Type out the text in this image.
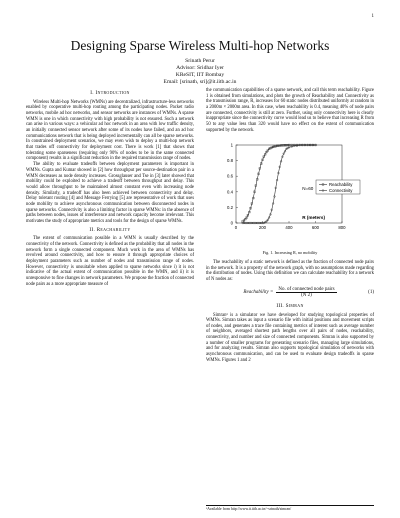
1
Designing Sparse Wireless Multi-hop Networks
Srinath Perur
Advisor: Sridhar Iyer
KReSIT, IIT Bombay
Email: [srinath, sri]@it.iitb.ac.in
I. Introduction

Wireless Multi-hop Networks (WMNs) are decentralized, infrastructure-less networks enabled by cooperative multi-hop routing among the participating nodes. Packet radio networks, mobile ad hoc networks, and sensor networks are instances of WMNs. A sparse WMN is one in which connectivity with high probability is not ensured. Such a network can arise in various ways: a vehicular ad hoc network in an area with low traffic density, an initially connected sensor network after some of its nodes have failed, and an ad hoc communications network that is being deployed incrementally can all be sparse networks. In constrained deployment scenarios, we may even wish to deploy a multi-hop network that trades off connectivity for deployment cost. There is work [1] that shows that tolerating some sparseness (requiring only 90% of nodes to be in the same connected component) results in a significant reduction in the required transmission range of nodes.

The ability to evaluate tradeoffs between deployment parameters is important in WMNs. Gupta and Kumar showed in [2] how throughput per source-destination pair in a WMN decreases as node density increases. Grossglauser and Tse in [3] later showed that mobility could be exploited to achieve a tradeoff between throughput and delay. This would allow throughput to be maintained almost constant even with increasing node density. Similarly, a tradeoff has also been achieved between connectivity and delay. Delay tolerant routing [4] and Message Ferrying [5] are representative of work that uses node mobility to achieve asynchronous communication between disconnected nodes in sparse networks. Connectivity is also a limiting factor in sparse WMNs: in the absence of paths between nodes, issues of interference and network capacity become irrelevant. This motivates the study of appropriate metrics and tools for the design of sparse WMNs.

II. Reachability

The extent of communication possible in a WMN is usually described by the connectivity of the network. Connectivity is defined as the probability that all nodes in the network form a single connected component. Much work in the area of WMNs has revolved around connectivity, and how to ensure it through appropriate choices of deployment parameters such as number of nodes and transmission range of nodes. However, connectivity is unsuitable when applied to sparse networks since i) it is not indicative of the actual extent of communication possible in the WMN, and ii) it is unresponsive to fine changes in network parameters. We propose the fraction of connected node pairs as a more appropriate measure of

the communication capabilities of a sparse network, and call this term reachability. Figure 1 is obtained from simulations, and plots the growth of Reachability and Connectivity as the transmission range, R, increases for 60 static nodes distributed uniformly at random in a 2000m × 2000m area. In this case, when reachability is 0.4, meaning 40% of node pairs are connected, connectivity is still at zero. Further, using only connectivity here is clearly inappropriate since the connectivity curve would lead us to believe that increasing R from 50 to any value less than 320 would have no effect on the extent of communication supported by the network.

0
0.2
0.4
0.6
0.8
1
0	200	400	600	800
N=60
R (meters)
Reachability
Connectivity
Fig. 1. Increasing R, no mobility

The reachability of a static network is defined as the fraction of connected node pairs in the network. It is a property of the network graph, with no assumptions made regarding the distribution of nodes. Using this definition we can calculate reachability for a network of N nodes as:

Reachability = $\frac{\text{No. of connected node pairs}}{(N 2)}$	(1)
III. Simran

Simran¹ is a simulator we have developed for studying topological properties of WMNs. Simran takes as input a scenario file with initial positions and movement scripts of nodes, and generates a trace file containing metrics of interest such as average number of neighbors, averaged shortest path lengths over all pairs of nodes, reachability, connectivity, and number and size of connected components. Simran is also supported by a number of smaller programs for generating scenario files, managing large simulations, and for analyzing results. Simran also supports topological simulation of networks with asynchronous communication, and can be used to evaluate design tradeoffs in sparse WMNs. Figures 1 and 2

¹Available from http://www.it.iitb.ac.in/~srinath/simran/
